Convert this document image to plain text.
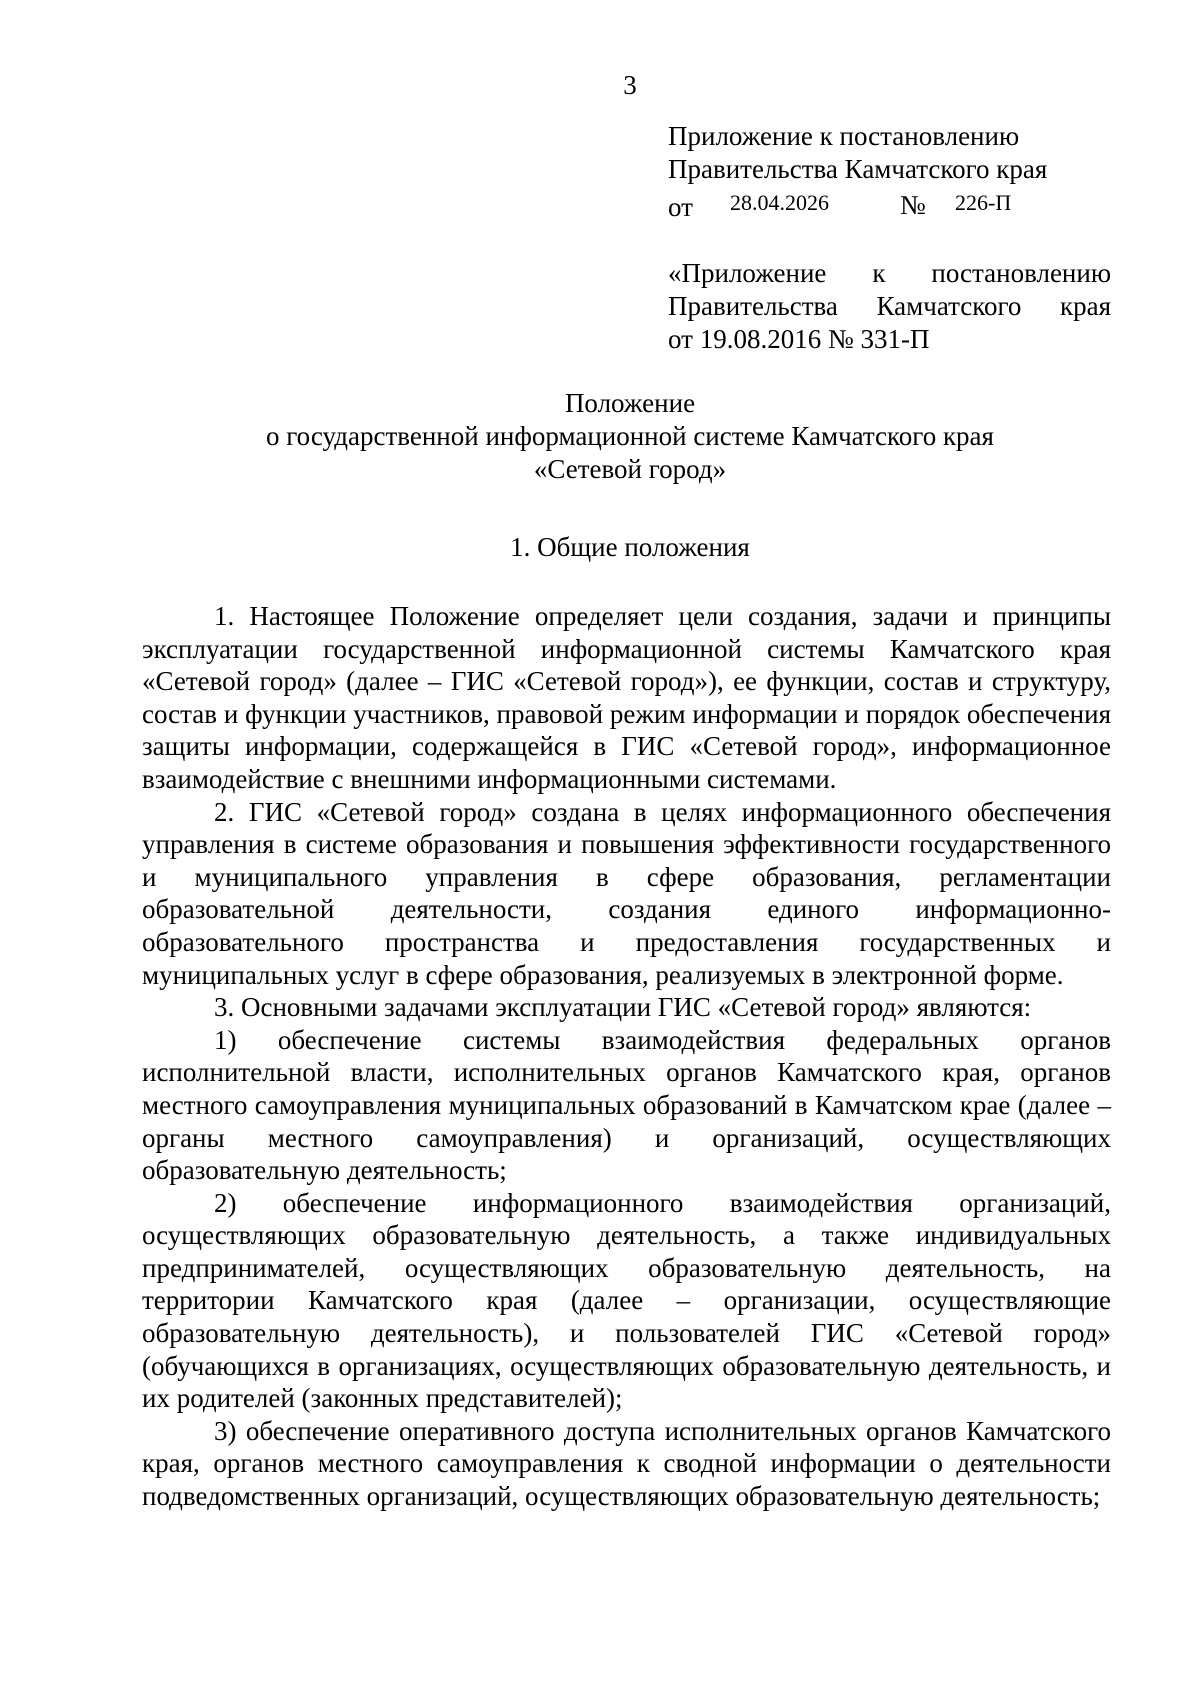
3
Приложение к постановлению
Правительства Камчатского края
от 28.04.2026	№ 226-П
«Приложение к постановлению
Правительства Камчатского края
от 19.08.2016 № 331-П
Положение
о государственной информационной системе Камчатского края
«Сетевой город»
1. Общие положения

1. Настоящее Положение определяет цели создания, задачи и принципы эксплуатации государственной информационной системы Камчатского края «Сетевой город» (далее – ГИС «Сетевой город»), ее функции, состав и структуру, состав и функции участников, правовой режим информации и порядок обеспечения защиты информации, содержащейся в ГИС «Сетевой город», информационное взаимодействие с внешними информационными системами.

2. ГИС «Сетевой город» создана в целях информационного обеспечения управления в системе образования и повышения эффективности государственного и муниципального управления в сфере образования, регламентации образовательной деятельности, создания единого информационно-образовательного пространства и предоставления государственных и муниципальных услуг в сфере образования, реализуемых в электронной форме.

3. Основными задачами эксплуатации ГИС «Сетевой город» являются:

1) обеспечение системы взаимодействия федеральных органов исполнительной власти, исполнительных органов Камчатского края, органов местного самоуправления муниципальных образований в Камчатском крае (далее – органы местного самоуправления) и организаций, осуществляющих образовательную деятельность;

2) обеспечение информационного взаимодействия организаций, осуществляющих образовательную деятельность, а также индивидуальных предпринимателей, осуществляющих образовательную деятельность, на территории Камчатского края (далее – организации, осуществляющие образовательную деятельность), и пользователей ГИС «Сетевой город» (обучающихся в организациях, осуществляющих образовательную деятельность, и их родителей (законных представителей);

3) обеспечение оперативного доступа исполнительных органов Камчатского края, органов местного самоуправления к сводной информации о деятельности подведомственных организаций, осуществляющих образовательную деятельность;
